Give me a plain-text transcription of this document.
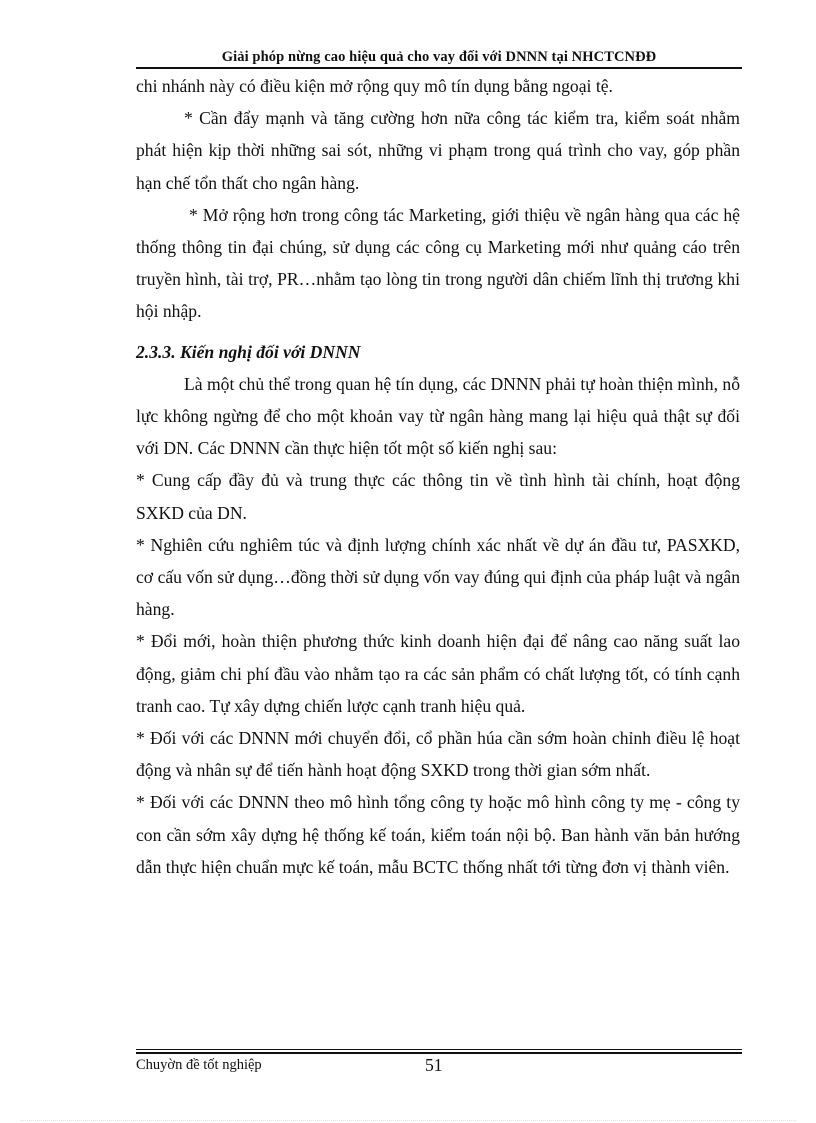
Giải phóp nừng cao hiệu quả cho vay đối với DNNN tại NHCTCNĐĐ

chi nhánh này có điều kiện mở rộng quy mô tín dụng bằng ngoại tệ.

* Cần đẩy mạnh và tăng cường hơn nữa công tác kiểm tra, kiểm soát nhằm phát hiện kịp thời những sai sót, những vi phạm trong quá trình cho vay, góp phần hạn chế tổn thất cho ngân hàng.

* Mở rộng hơn trong công tác Marketing, giới thiệu về ngân hàng qua các hệ thống thông tin đại chúng, sử dụng các công cụ Marketing mới như quảng cáo trên truyền hình, tài trợ, PR…nhằm tạo lòng tin trong người dân chiếm lĩnh thị trương khi hội nhập.

2.3.3. Kiến nghị đối với DNNN

Là một chủ thể trong quan hệ tín dụng, các DNNN phải tự hoàn thiện mình, nỗ lực không ngừng để cho một khoản vay từ ngân hàng mang lại hiệu quả thật sự đối với DN. Các DNNN cần thực hiện tốt một số kiến nghị sau:

* Cung cấp đầy đủ và trung thực các thông tin về tình hình tài chính, hoạt động SXKD của DN.

* Nghiên cứu nghiêm túc và định lượng chính xác nhất về dự án đầu tư, PASXKD, cơ cấu vốn sử dụng…đồng thời sử dụng vốn vay đúng qui định của pháp luật và ngân hàng.

* Đổi mới, hoàn thiện phương thức kinh doanh hiện đại để nâng cao năng suất lao động, giảm chi phí đầu vào nhằm tạo ra các sản phẩm có chất lượng tốt, có tính cạnh tranh cao. Tự xây dựng chiến lược cạnh tranh hiệu quả.

* Đối với các DNNN mới chuyển đổi, cổ phần húa cần sớm hoàn chỉnh điều lệ hoạt động và nhân sự để tiến hành hoạt động SXKD trong thời gian sớm nhất.

* Đối với các DNNN theo mô hình tổng công ty hoặc mô hình công ty mẹ - công ty con cần sớm xây dựng hệ thống kế toán, kiểm toán nội bộ. Ban hành văn bản hướng dẫn thực hiện chuẩn mực kế toán, mẫu BCTC thống nhất tới từng đơn vị thành viên.

Chuyờn đề tốt nghiệp	51
